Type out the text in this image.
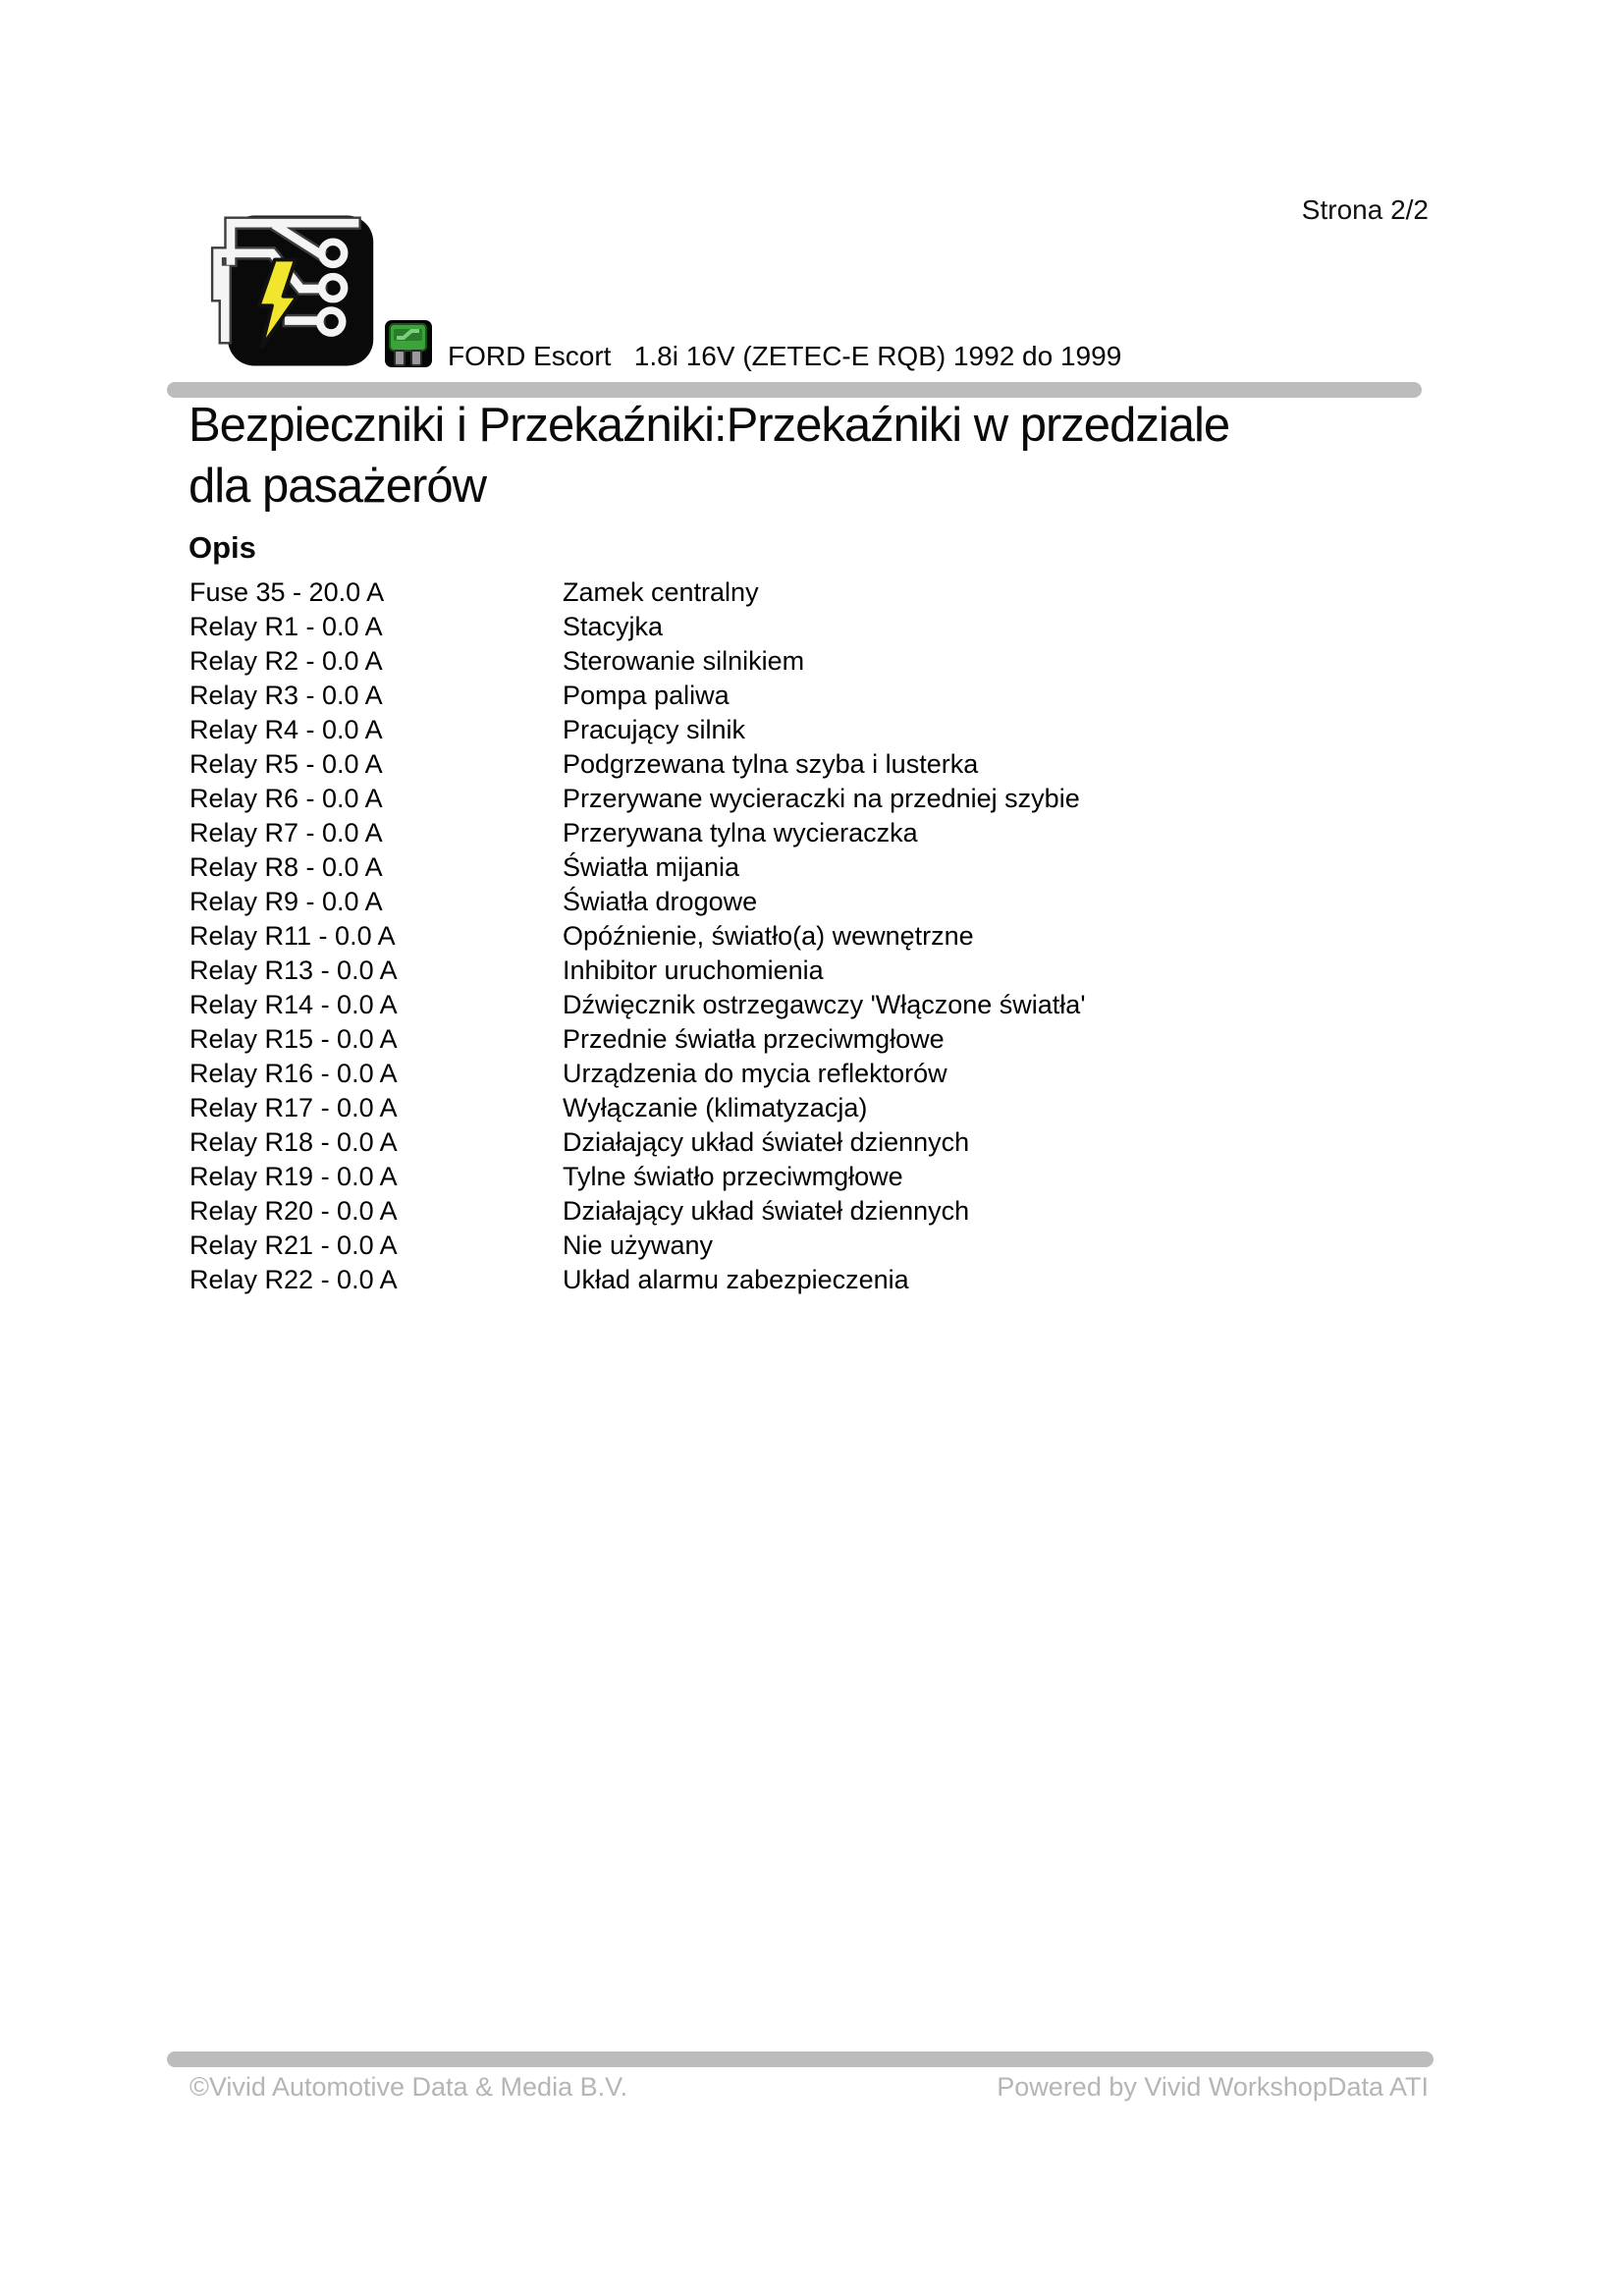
Strona 2/2
FORD Escort   1.8i 16V (ZETEC-E RQB) 1992 do 1999
Bezpieczniki i Przekaźniki:Przekaźniki w przedziale dla pasażerów
Opis
Fuse 35 - 20.0 A	Zamek centralny
Relay R1 - 0.0 A	Stacyjka
Relay R2 - 0.0 A	Sterowanie silnikiem
Relay R3 - 0.0 A	Pompa paliwa
Relay R4 - 0.0 A	Pracujący silnik
Relay R5 - 0.0 A	Podgrzewana tylna szyba i lusterka
Relay R6 - 0.0 A	Przerywane wycieraczki na przedniej szybie
Relay R7 - 0.0 A	Przerywana tylna wycieraczka
Relay R8 - 0.0 A	Światła mijania
Relay R9 - 0.0 A	Światła drogowe
Relay R11 - 0.0 A	Opóźnienie, światło(a) wewnętrzne
Relay R13 - 0.0 A	Inhibitor uruchomienia
Relay R14 - 0.0 A	Dźwięcznik ostrzegawczy 'Włączone światła'
Relay R15 - 0.0 A	Przednie światła przeciwmgłowe
Relay R16 - 0.0 A	Urządzenia do mycia reflektorów
Relay R17 - 0.0 A	Wyłączanie (klimatyzacja)
Relay R18 - 0.0 A	Działający układ świateł dziennych
Relay R19 - 0.0 A	Tylne światło przeciwmgłowe
Relay R20 - 0.0 A	Działający układ świateł dziennych
Relay R21 - 0.0 A	Nie używany
Relay R22 - 0.0 A	Układ alarmu zabezpieczenia
©Vivid Automotive Data & Media B.V.	Powered by Vivid WorkshopData ATI
